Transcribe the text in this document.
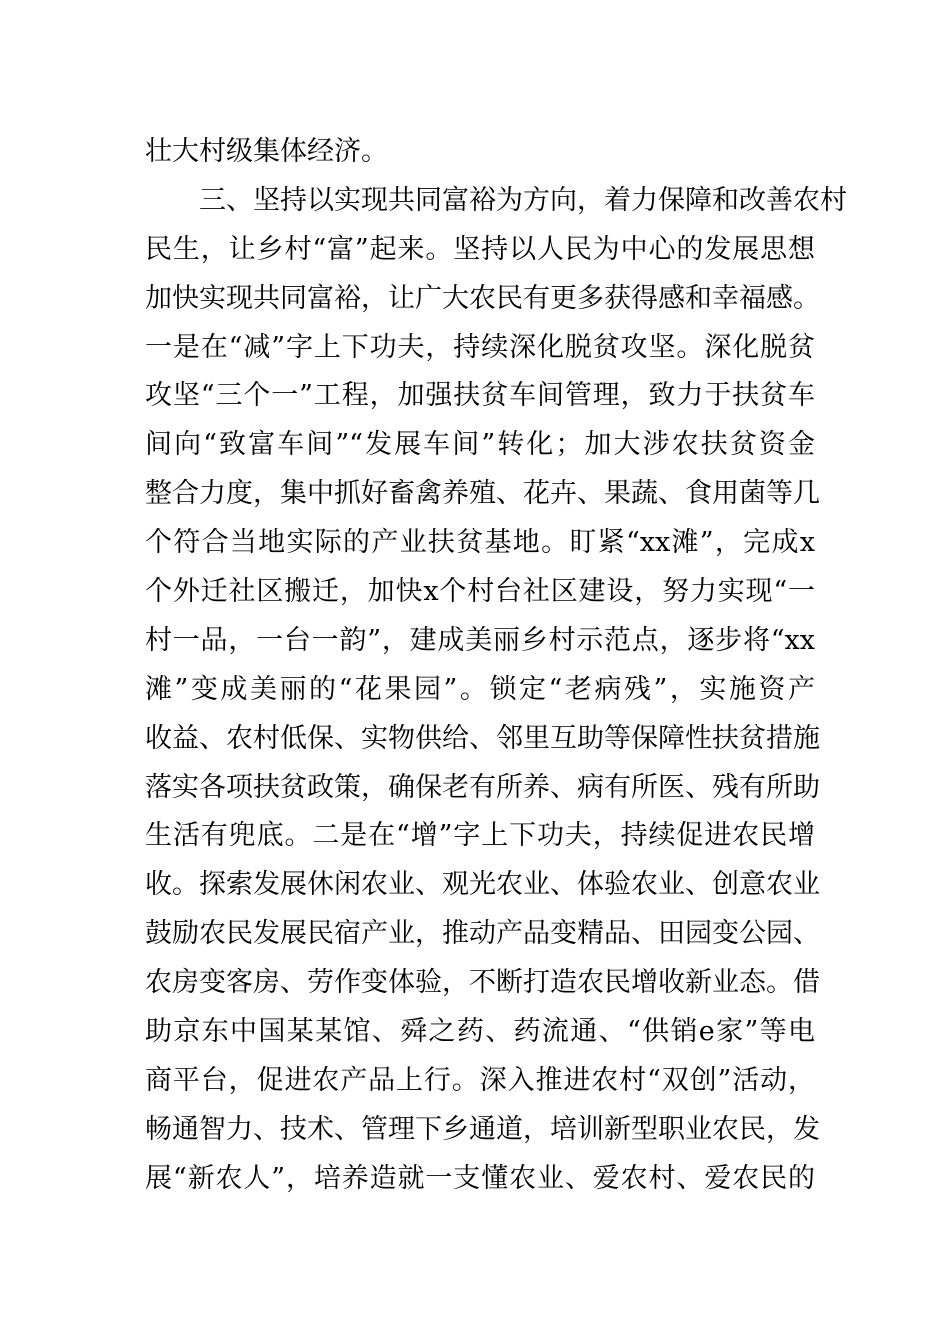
壮大村级集体经济。
　　三、坚持以实现共同富裕为方向，着力保障和改善农村
民生，让乡村“富”起来。坚持以人民为中心的发展思想
加快实现共同富裕，让广大农民有更多获得感和幸福感。
一是在“减”字上下功夫，持续深化脱贫攻坚。深化脱贫
攻坚“三个一”工程，加强扶贫车间管理，致力于扶贫车
间向“致富车间”“发展车间”转化；加大涉农扶贫资金
整合力度，集中抓好畜禽养殖、花卉、果蔬、食用菌等几
个符合当地实际的产业扶贫基地。盯紧“xx滩”，完成x
个外迁社区搬迁，加快x个村台社区建设，努力实现“一
村一品，一台一韵”，建成美丽乡村示范点，逐步将“xx
滩”变成美丽的“花果园”。锁定“老病残”，实施资产
收益、农村低保、实物供给、邻里互助等保障性扶贫措施
落实各项扶贫政策，确保老有所养、病有所医、残有所助
生活有兜底。二是在“增”字上下功夫，持续促进农民增
收。探索发展休闲农业、观光农业、体验农业、创意农业
鼓励农民发展民宿产业，推动产品变精品、田园变公园、
农房变客房、劳作变体验，不断打造农民增收新业态。借
助京东中国某某馆、舜之药、药流通、“供销e家”等电
商平台，促进农产品上行。深入推进农村“双创”活动，
畅通智力、技术、管理下乡通道，培训新型职业农民，发
展“新农人”，培养造就一支懂农业、爱农村、爱农民的
